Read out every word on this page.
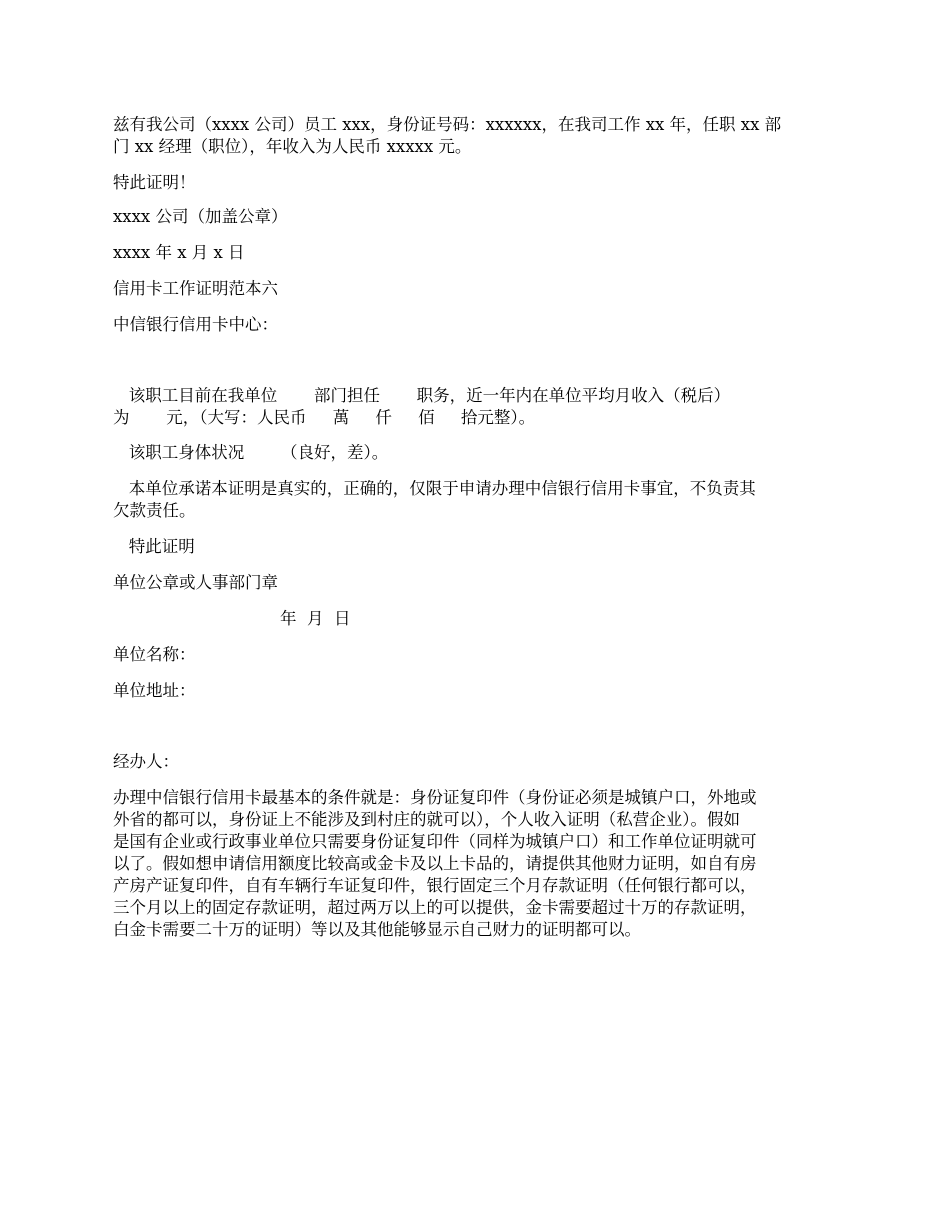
兹有我公司（xxxx 公司）员工 xxx，身份证号码：xxxxxx，在我司工作 xx 年，任职 xx 部

门 xx 经理（职位），年收入为人民币 xxxxx 元。

特此证明！

xxxx 公司（加盖公章）

xxxx 年 x 月 x 日

信用卡工作证明范本六

中信银行信用卡中心：

该职工目前在我单位       部门担任       职务，近一年内在单位平均月收入（税后）

为       元，（大写：人民币     萬     仟     佰     拾元整）。

该职工身体状况       （良好，差）。

本单位承诺本证明是真实的，正确的，仅限于申请办理中信银行信用卡事宜，不负责其

欠款责任。

特此证明

单位公章或人事部门章

年  月  日

单位名称：

单位地址：

经办人：

办理中信银行信用卡最基本的条件就是：身份证复印件（身份证必须是城镇户口，外地或

外省的都可以，身份证上不能涉及到村庄的就可以），个人收入证明（私营企业）。假如

是国有企业或行政事业单位只需要身份证复印件（同样为城镇户口）和工作单位证明就可

以了。假如想申请信用额度比较高或金卡及以上卡品的，请提供其他财力证明，如自有房

产房产证复印件，自有车辆行车证复印件，银行固定三个月存款证明（任何银行都可以，

三个月以上的固定存款证明，超过两万以上的可以提供，金卡需要超过十万的存款证明，

白金卡需要二十万的证明）等以及其他能够显示自己财力的证明都可以。
